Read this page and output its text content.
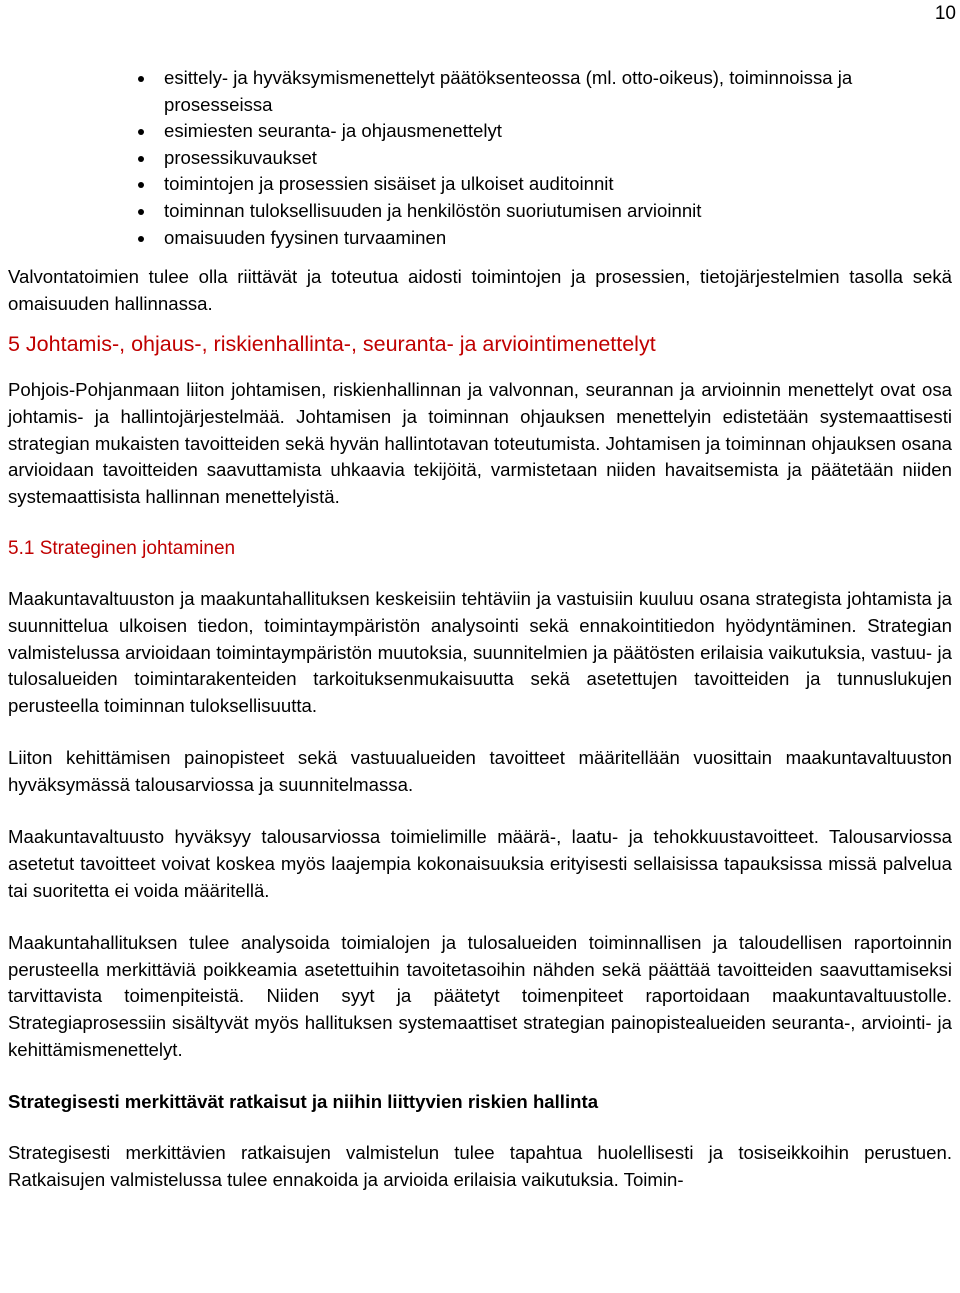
10
esittely- ja hyväksymismenettelyt päätöksenteossa (ml. otto-oikeus), toiminnoissa ja prosesseissa
esimiesten seuranta- ja ohjausmenettelyt
prosessikuvaukset
toimintojen ja prosessien sisäiset ja ulkoiset auditoinnit
toiminnan tuloksellisuuden ja henkilöstön suoriutumisen arvioinnit
omaisuuden fyysinen turvaaminen

Valvontatoimien tulee olla riittävät ja toteutua aidosti toimintojen ja prosessien, tietojärjestelmien tasolla sekä omaisuuden hallinnassa.

5 Johtamis-, ohjaus-, riskienhallinta-, seuranta- ja arviointimenettelyt

Pohjois-Pohjanmaan liiton johtamisen, riskienhallinnan ja valvonnan, seurannan ja arvioinnin menettelyt ovat osa johtamis- ja hallintojärjestelmää. Johtamisen ja toiminnan ohjauksen menettelyin edistetään systemaattisesti strategian mukaisten tavoitteiden sekä hyvän hallintotavan toteutumista. Johtamisen ja toiminnan ohjauksen osana arvioidaan tavoitteiden saavuttamista uhkaavia tekijöitä, varmistetaan niiden havaitsemista ja päätetään niiden systemaattisista hallinnan menettelyistä.

5.1 Strateginen johtaminen

Maakuntavaltuuston ja maakuntahallituksen keskeisiin tehtäviin ja vastuisiin kuuluu osana strategista johtamista ja suunnittelua ulkoisen tiedon, toimintaympäristön analysointi sekä ennakointitiedon hyödyntäminen. Strategian valmistelussa arvioidaan toimintaympäristön muutoksia, suunnitelmien ja päätösten erilaisia vaikutuksia, vastuu- ja tulosalueiden toimintarakenteiden tarkoituksenmukaisuutta sekä asetettujen tavoitteiden ja tunnuslukujen perusteella toiminnan tuloksellisuutta.

Liiton kehittämisen painopisteet sekä vastuualueiden tavoitteet määritellään vuosittain maakuntavaltuuston hyväksymässä talousarviossa ja suunnitelmassa.

Maakuntavaltuusto hyväksyy talousarviossa toimielimille määrä-, laatu- ja tehokkuustavoitteet. Talousarviossa asetetut tavoitteet voivat koskea myös laajempia kokonaisuuksia erityisesti sellaisissa tapauksissa missä palvelua tai suoritetta ei voida määritellä.

Maakuntahallituksen tulee analysoida toimialojen ja tulosalueiden toiminnallisen ja taloudellisen raportoinnin perusteella merkittäviä poikkeamia asetettuihin tavoitetasoihin nähden sekä päättää tavoitteiden saavuttamiseksi tarvittavista toimenpiteistä. Niiden syyt ja päätetyt toimenpiteet raportoidaan maakuntavaltuustolle. Strategiaprosessiin sisältyvät myös hallituksen systemaattiset strategian painopistealueiden seuranta-, arviointi- ja kehittämismenettelyt.

Strategisesti merkittävät ratkaisut ja niihin liittyvien riskien hallinta

Strategisesti merkittävien ratkaisujen valmistelun tulee tapahtua huolellisesti ja tosiseikkoihin perustuen. Ratkaisujen valmistelussa tulee ennakoida ja arvioida erilaisia vaikutuksia. Toimin-
